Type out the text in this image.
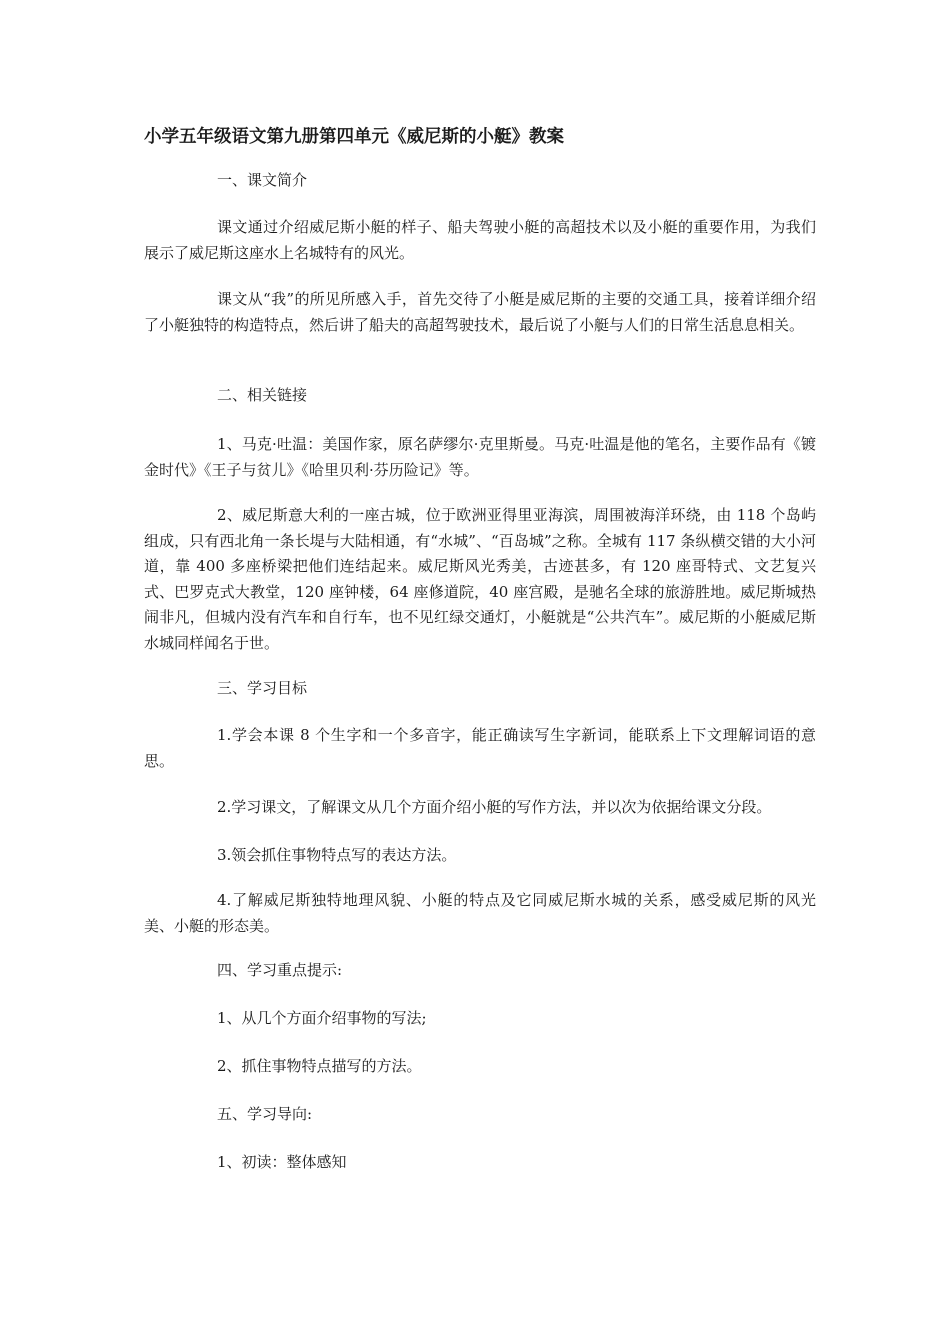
小学五年级语文第九册第四单元《威尼斯的小艇》教案
一、课文简介
课文通过介绍威尼斯小艇的样子、船夫驾驶小艇的高超技术以及小艇的重要作用，为我们展示了威尼斯这座水上名城特有的风光。
课文从“我”的所见所感入手，首先交待了小艇是威尼斯的主要的交通工具，接着详细介绍了小艇独特的构造特点，然后讲了船夫的高超驾驶技术，最后说了小艇与人们的日常生活息息相关。
二、相关链接
1、马克·吐温：美国作家，原名萨缪尔·克里斯曼。马克·吐温是他的笔名，主要作品有《镀金时代》《王子与贫儿》《哈里贝利·芬历险记》等。
2、威尼斯意大利的一座古城，位于欧洲亚得里亚海滨，周围被海洋环绕，由 118 个岛屿组成，只有西北角一条长堤与大陆相通，有“水城”、“百岛城”之称。全城有 117 条纵横交错的大小河道，靠 400 多座桥梁把他们连结起来。威尼斯风光秀美，古迹甚多，有 120 座哥特式、文艺复兴式、巴罗克式大教堂，120 座钟楼，64 座修道院，40 座宫殿，是驰名全球的旅游胜地。威尼斯城热闹非凡，但城内没有汽车和自行车，也不见红绿交通灯，小艇就是“公共汽车”。威尼斯的小艇威尼斯水城同样闻名于世。
三、学习目标
1.学会本课 8 个生字和一个多音字，能正确读写生字新词，能联系上下文理解词语的意思。
2.学习课文，了解课文从几个方面介绍小艇的写作方法，并以次为依据给课文分段。
3.领会抓住事物特点写的表达方法。
4.了解威尼斯独特地理风貌、小艇的特点及它同威尼斯水城的关系，感受威尼斯的风光美、小艇的形态美。
四、学习重点提示:
1、从几个方面介绍事物的写法;
2、抓住事物特点描写的方法。
五、学习导向:
1、初读：整体感知
